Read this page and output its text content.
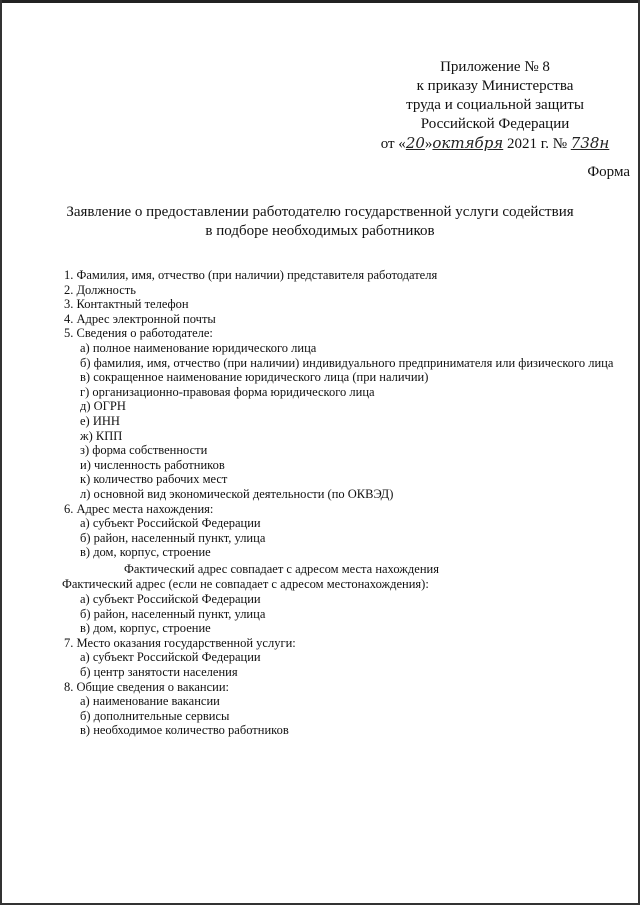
Приложение № 8
к приказу Министерства
труда и социальной защиты
Российской Федерации
от «20»октября 2021 г. № 738н
Форма
Заявление о предоставлении работодателю государственной услуги содействия
в подборе необходимых работников
1. Фамилия, имя, отчество (при наличии) представителя работодателя
2. Должность
3. Контактный телефон
4. Адрес электронной почты
5. Сведения о работодателе:
а) полное наименование юридического лица
б) фамилия, имя, отчество (при наличии) индивидуального предпринимателя или физического лица
в) сокращенное наименование юридического лица (при наличии)
г) организационно-правовая форма юридического лица
д) ОГРН
е) ИНН
ж) КПП
з) форма собственности
и) численность работников
к) количество рабочих мест
л) основной вид экономической деятельности (по ОКВЭД)
6. Адрес места нахождения:
а) субъект Российской Федерации
б) район, населенный пункт, улица
в) дом, корпус, строение
Фактический адрес совпадает с адресом места нахождения
Фактический адрес (если не совпадает с адресом местонахождения):
а) субъект Российской Федерации
б) район, населенный пункт, улица
в) дом, корпус, строение
7. Место оказания государственной услуги:
а) субъект Российской Федерации
б) центр занятости населения
8. Общие сведения о вакансии:
а) наименование вакансии
б) дополнительные сервисы
в) необходимое количество работников
